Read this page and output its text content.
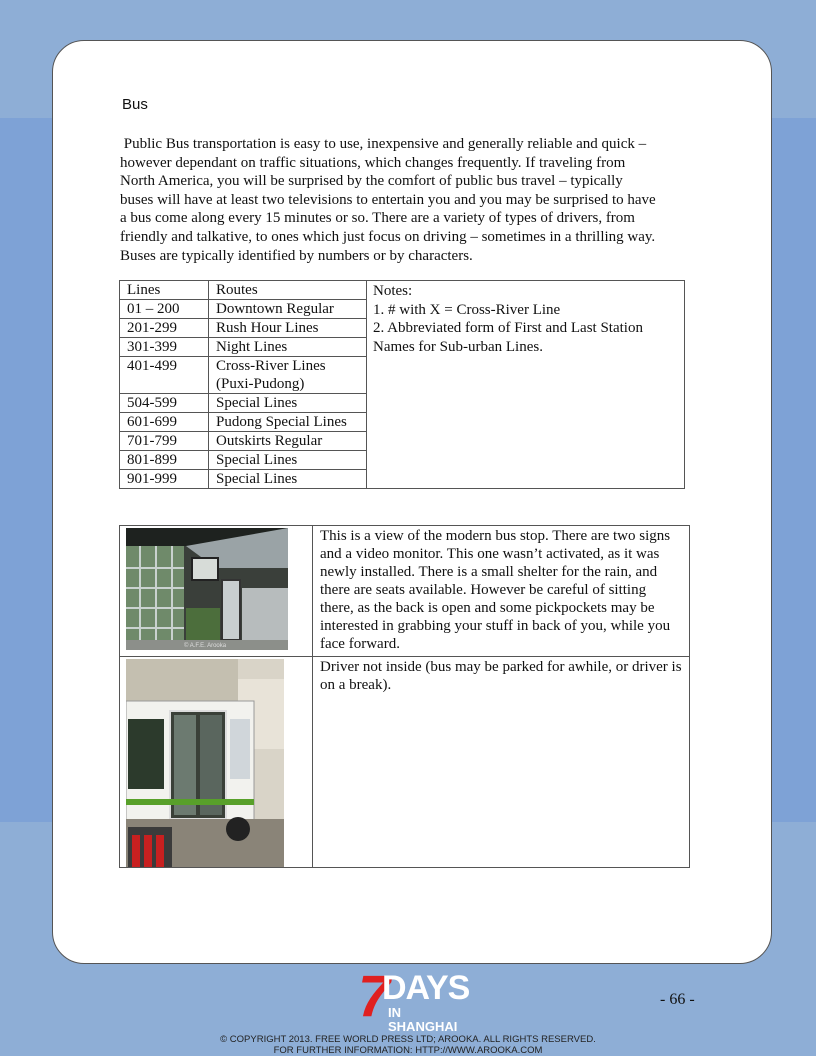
Bus

Public Bus transportation is easy to use, inexpensive and generally reliable and quick –
however dependant on traffic situations, which changes frequently. If traveling from
North America, you will be surprised by the comfort of public bus travel – typically
buses will have at least two televisions to entertain you and you may be surprised to have
a bus come along every 15 minutes or so. There are a variety of types of drivers, from
friendly and talkative, to ones which just focus on driving – sometimes in a thrilling way.
Buses are typically identified by numbers or by characters.

Lines	Routes	Notes:
1. # with X = Cross-River Line
2. Abbreviated form of First and Last Station Names for Sub-urban Lines.

01 – 200	Downtown Regular	
201-299	Rush Hour Lines	
301-399	Night Lines	
401-499	Cross-River Lines (Puxi-Pudong)	
504-599	Special Lines	
601-699	Pudong Special Lines	
701-799	Outskirts Regular	
801-899	Special Lines	
901-999	Special Lines	
© A.F.E. Arooka	This is a view of the modern bus stop. There are two signs and a video monitor. This one wasn’t activated, as it was newly installed. There is a small shelter for the rain, and there are seats available. However be careful of sitting there, as the back is open and some pickpockets may be interested in grabbing your stuff in back of you, while you face forward.

	Driver not inside (bus may be parked for awhile, or driver is on a break).
7
DAYS
IN SHANGHAI
- 66 -
© COPYRIGHT 2013. FREE WORLD PRESS LTD; AROOKA. ALL RIGHTS RESERVED.
FOR FURTHER INFORMATION: HTTP://WWW.AROOKA.COM
